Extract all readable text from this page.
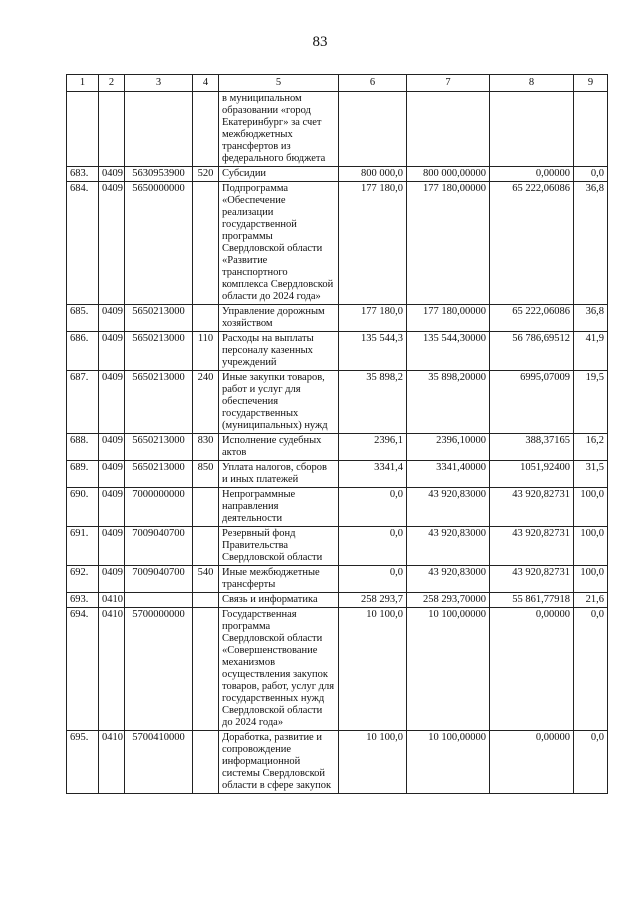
83
1	2	3	4	5	6	7	8	9
				в муниципальном образовании «город Екатеринбург» за счет межбюджетных трансфертов из федерального бюджета				
683.	0409	5630953900	520	Субсидии	800 000,0	800 000,00000	0,00000	0,0
684.	0409	5650000000		Подпрограмма «Обеспечение реализации государственной программы Свердловской области «Развитие транспортного комплекса Свердловской области до 2024 года»	177 180,0	177 180,00000	65 222,06086	36,8
685.	0409	5650213000		Управление дорожным хозяйством	177 180,0	177 180,00000	65 222,06086	36,8
686.	0409	5650213000	110	Расходы на выплаты персоналу казенных учреждений	135 544,3	135 544,30000	56 786,69512	41,9
687.	0409	5650213000	240	Иные закупки товаров, работ и услуг для обеспечения государственных (муниципальных) нужд	35 898,2	35 898,20000	6995,07009	19,5
688.	0409	5650213000	830	Исполнение судебных актов	2396,1	2396,10000	388,37165	16,2
689.	0409	5650213000	850	Уплата налогов, сборов и иных платежей	3341,4	3341,40000	1051,92400	31,5
690.	0409	7000000000		Непрограммные направления деятельности	0,0	43 920,83000	43 920,82731	100,0
691.	0409	7009040700		Резервный фонд Правительства Свердловской области	0,0	43 920,83000	43 920,82731	100,0
692.	0409	7009040700	540	Иные межбюджетные трансферты	0,0	43 920,83000	43 920,82731	100,0
693.	0410			Связь и информатика	258 293,7	258 293,70000	55 861,77918	21,6
694.	0410	5700000000		Государственная программа Свердловской области «Совершенствование механизмов осуществления закупок товаров, работ, услуг для государственных нужд Свердловской области до 2024 года»	10 100,0	10 100,00000	0,00000	0,0
695.	0410	5700410000		Доработка, развитие и сопровождение информационной системы Свердловской области в сфере закупок	10 100,0	10 100,00000	0,00000	0,0
